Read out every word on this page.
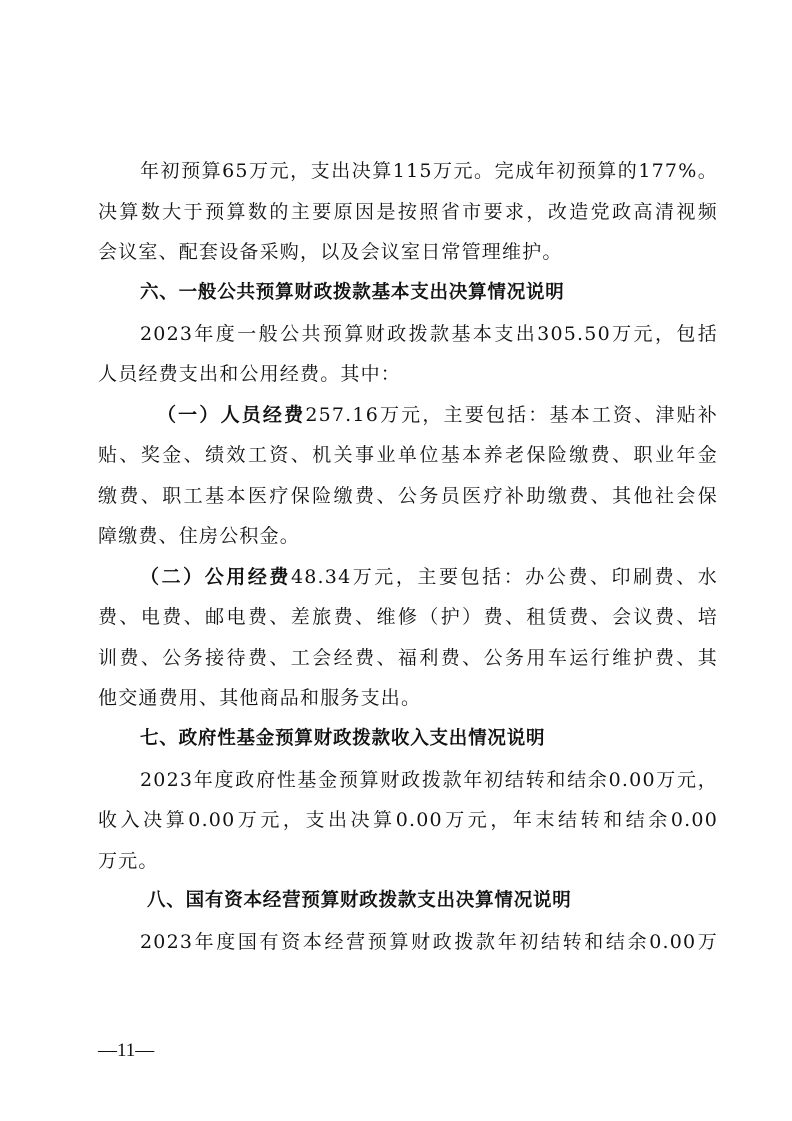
年初预算65万元，支出决算115万元。完成年初预算的177%。
决算数大于预算数的主要原因是按照省市要求，改造党政高清视频
会议室、配套设备采购，以及会议室日常管理维护。
六、一般公共预算财政拨款基本支出决算情况说明
2023年度一般公共预算财政拨款基本支出305.50万元，包括
人员经费支出和公用经费。其中：
（一）人员经费257.16万元，主要包括：基本工资、津贴补
贴、奖金、绩效工资、机关事业单位基本养老保险缴费、职业年金
缴费、职工基本医疗保险缴费、公务员医疗补助缴费、其他社会保
障缴费、住房公积金。
（二）公用经费48.34万元，主要包括：办公费、印刷费、水
费、电费、邮电费、差旅费、维修（护）费、租赁费、会议费、培
训费、公务接待费、工会经费、福利费、公务用车运行维护费、其
他交通费用、其他商品和服务支出。
七、政府性基金预算财政拨款收入支出情况说明
2023年度政府性基金预算财政拨款年初结转和结余0.00万元，
收入决算0.00万元，支出决算0.00万元，年末结转和结余0.00
万元。
八、国有资本经营预算财政拨款支出决算情况说明
2023年度国有资本经营预算财政拨款年初结转和结余0.00万
—11—
